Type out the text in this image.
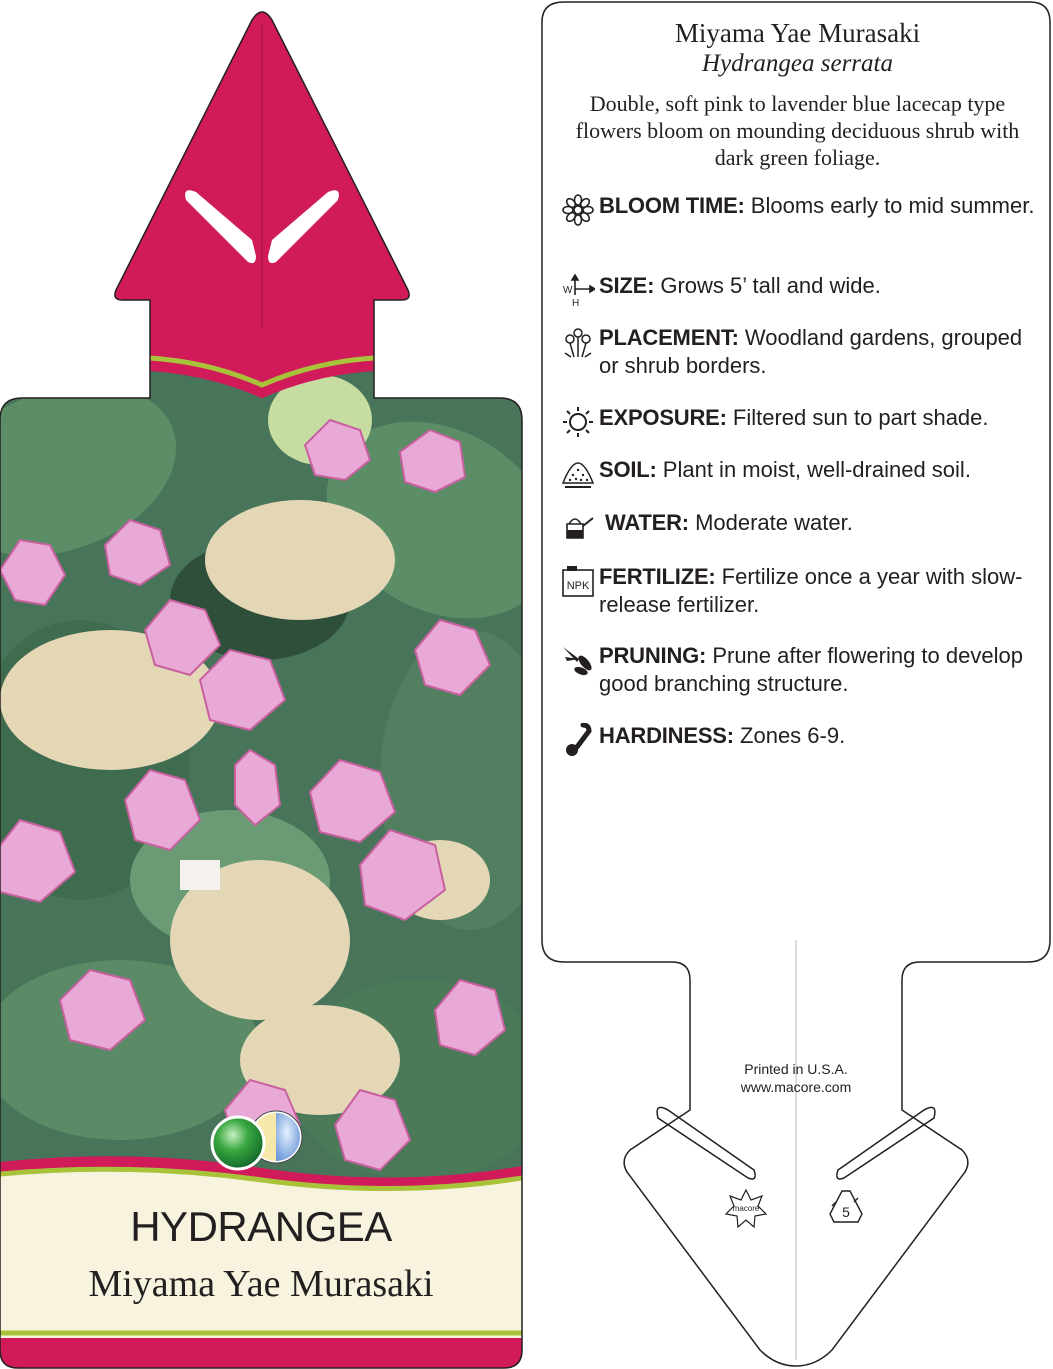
HYDRANGEA
Miyama Yae Murasaki
macore	5
Miyama Yae Murasaki
Hydrangea serrata
Double, soft pink to lavender blue lacecap type flowers bloom on mounding deciduous shrub with dark green foliage.
BLOOM TIME: Blooms early to mid summer.
W
H
SIZE: Grows 5’ tall and wide.
PLACEMENT: Woodland gardens, grouped or shrub borders.
EXPOSURE: Filtered sun to part shade.
SOIL: Plant in moist, well-drained soil.
WATER: Moderate water.
NPK FERTILIZE: Fertilize once a year with slow-release fertilizer.
PRUNING: Prune after flowering to develop good branching structure.
HARDINESS: Zones 6-9.
Printed in U.S.A.
www.macore.com
